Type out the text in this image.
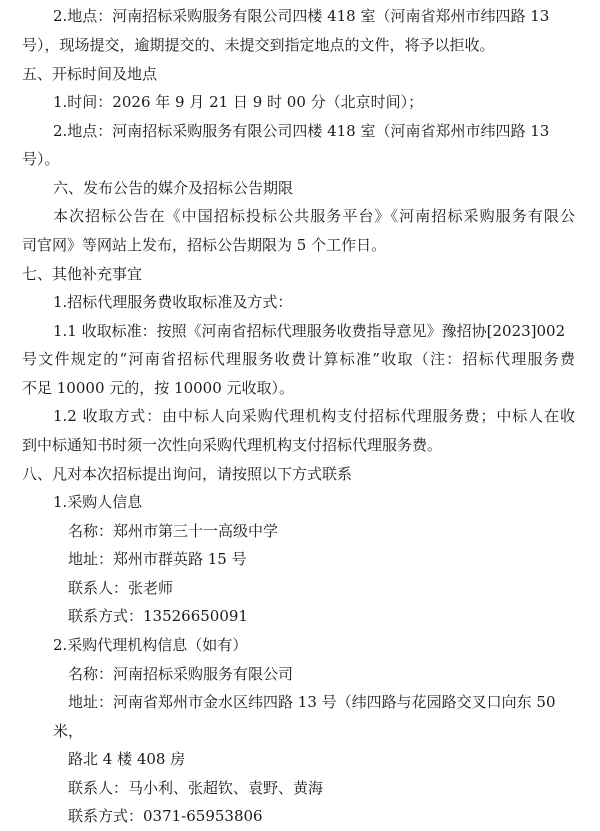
2.地点：河南招标采购服务有限公司四楼 418 室（河南省郑州市纬四路 13
号），现场提交，逾期提交的、未提交到指定地点的文件，将予以拒收。
五、开标时间及地点
1.时间：2026 年 9 月 21 日 9 时 00 分（北京时间）；
2.地点：河南招标采购服务有限公司四楼 418 室（河南省郑州市纬四路 13
号）。
六、发布公告的媒介及招标公告期限
本次招标公告在《中国招标投标公共服务平台》《河南招标采购服务有限公
司官网》等网站上发布，招标公告期限为 5 个工作日。
七、其他补充事宜
1.招标代理服务费收取标准及方式：
1.1 收取标准：按照《河南省招标代理服务收费指导意见》豫招协[2023]002
号文件规定的“河南省招标代理服务收费计算标准”收取（注：招标代理服务费
不足 10000 元的，按 10000 元收取）。
1.2 收取方式：由中标人向采购代理机构支付招标代理服务费；中标人在收
到中标通知书时须一次性向采购代理机构支付招标代理服务费。
八、凡对本次招标提出询问，请按照以下方式联系
1.采购人信息
名称：郑州市第三十一高级中学
地址：郑州市群英路 15 号
联系人：张老师
联系方式：13526650091
2.采购代理机构信息（如有）
名称：河南招标采购服务有限公司
地址：河南省郑州市金水区纬四路 13 号（纬四路与花园路交叉口向东 50
米，
路北 4 楼 408 房
联系人：马小利、张超钦、袁野、黄海
联系方式：0371-65953806
